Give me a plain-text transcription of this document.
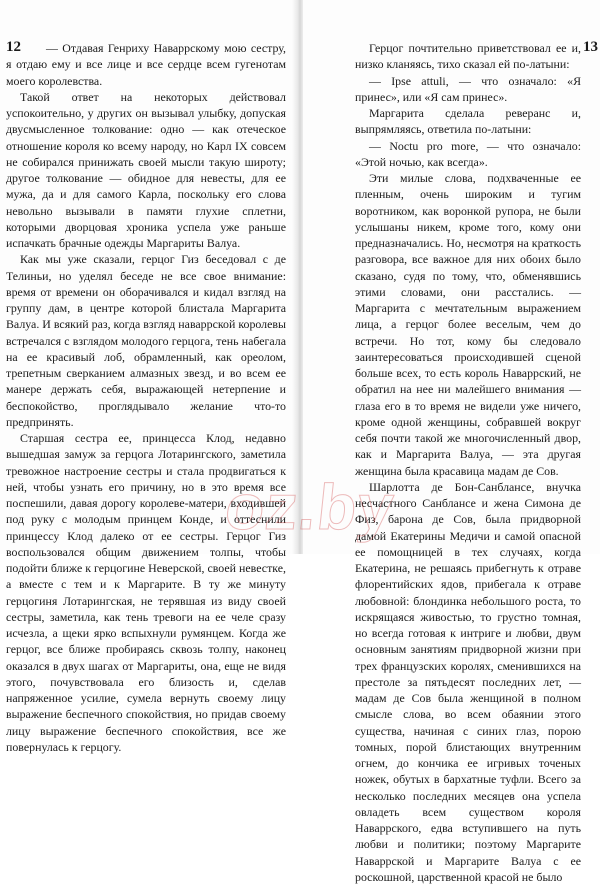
12	— Отдавая Генриху Наваррскому мою сестру, я отдаю ему и все лице и все сердце всем гугенотам моего королевства.

Такой ответ на некоторых действовал успокоительно, у других он вызывал улыбку, допуская двусмысленное толкование: одно — как отеческое отношение короля ко всему народу, но Карл IX совсем не собирался принижать своей мысли такую широту; другое толкование — обидное для невесты, для ее мужа, да и для самого Карла, поскольку его слова невольно вызывали в памяти глухие сплетни, которыми дворцовая хроника успела уже раньше испачкать брачные одежды Маргариты Валуа.

Как мы уже сказали, герцог Гиз беседовал с де Телиньи, но уделял беседе не все свое внимание: время от времени он оборачивался и кидал взгляд на группу дам, в центре которой блистала Маргарита Валуа. И всякий раз, когда взгляд наваррской королевы встречался с взглядом молодого герцога, тень набегала на ее красивый лоб, обрамленный, как ореолом, трепетным сверканием алмазных звезд, и во всем ее манере держать себя, выражающей нетерпение и беспокойство, проглядывало желание что-то предпринять.

Старшая сестра ее, принцесса Клод, недавно вышедшая замуж за герцога Лотарингского, заметила тревожное настроение сестры и стала продвигаться к ней, чтобы узнать его причину, но в это время все поспешили, давая дорогу королеве-матери, входившей под руку с молодым принцем Конде, и оттеснили принцессу Клод далеко от ее сестры. Герцог Гиз воспользовался общим движением толпы, чтобы подойти ближе к герцогине Неверской, своей невестке, а вместе с тем и к Маргарите. В ту же минуту герцогиня Лотарингская, не терявшая из виду своей сестры, заметила, как тень тревоги на ее челе сразу исчезла, а щеки ярко вспыхнули румянцем. Когда же герцог, все ближе пробираясь сквозь толпу, наконец оказался в двух шагах от Маргариты, она, еще не видя этого, почувствовала его близость и, сделав напряженное усилие, сумела вернуть своему лицу выражение беспечного спокойствия, но придав своему лицу выражение беспечного спокойствия, все же повернулась к герцогу.

13

Герцог почтительно приветствовал ее и, низко кланяясь, тихо сказал ей по-латыни:

— Ipse attuli, — что означало: «Я принес», или «Я сам принес».

Маргарита сделала реверанс и, выпрямляясь, ответила по-латыни:

— Noctu pro more, — что означало: «Этой ночью, как всегда».

Эти милые слова, подхваченные ее пленным, очень широким и тугим воротником, как воронкой рупора, не были услышаны никем, кроме того, кому они предназначались. Но, несмотря на краткость разговора, все важное для них обоих было сказано, судя по тому, что, обменявшись этими словами, они расстались. — Маргарита с мечтательным выражением лица, а герцог более веселым, чем до встречи. Но тот, кому бы следовало заинтересоваться происходившей сценой больше всех, то есть король Наваррский, не обратил на нее ни малейшего внимания — глаза его в то время не видели уже ничего, кроме одной женщины, собравшей вокруг себя почти такой же многочисленный двор, как и Маргарита Валуа, — эта другая женщина была красавица мадам де Сов.

Шарлотта де Бон-Санблансе, внучка несчастного Санблансе и жена Симона де Физ, барона де Сов, была придворной дамой Екатерины Медичи и самой опасной ее помощницей в тех случаях, когда Екатерина, не решаясь прибегнуть к отраве флорентийских ядов, прибегала к отраве любовной: блондинка небольшого роста, то искрящаяся живостью, то грустно томная, но всегда готовая к интриге и любви, двум основным занятиям придворной жизни при трех французских королях, сменившихся на престоле за пятьдесят последних лет, — мадам де Сов была женщиной в полном смысле слова, во всем обаянии этого существа, начиная с синих глаз, порою томных, порой блистающих внутренним огнем, до кончика ее игривых точеных ножек, обутых в бархатные туфли. Всего за несколько последних месяцев она успела овладеть всем существом короля Наваррского, едва вступившего на путь любви и политики; поэтому Маргарите Наваррской и Маргарите Валуа с ее роскошной, царственной красой не было
